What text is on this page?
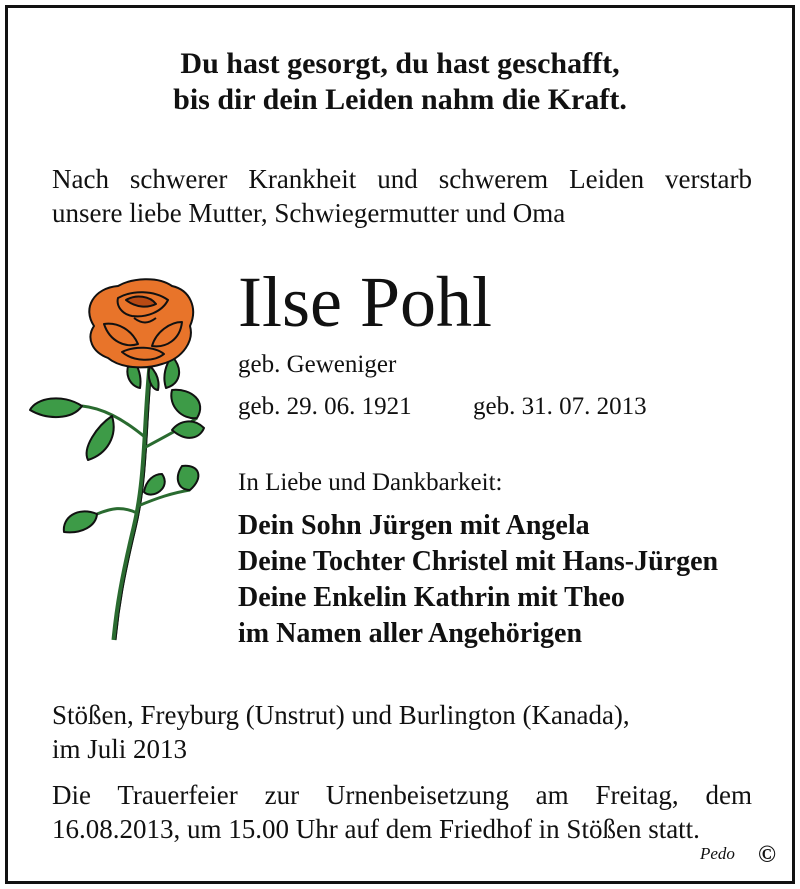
Du hast gesorgt, du hast geschafft,
bis dir dein Leiden nahm die Kraft.
Nach schwerer Krankheit und schwerem Leiden verstarb
unsere liebe Mutter, Schwiegermutter und Oma
Ilse Pohl
geb. Geweniger
geb. 29. 06. 1921 geb. 31. 07. 2013
In Liebe und Dankbarkeit:
Dein Sohn Jürgen mit Angela
Deine Tochter Christel mit Hans-Jürgen
Deine Enkelin Kathrin mit Theo
im Namen aller Angehörigen
Stößen, Freyburg (Unstrut) und Burlington (Kanada),
im Juli 2013
Die Trauerfeier zur Urnenbeisetzung am Freitag, dem
16.08.2013, um 15.00 Uhr auf dem Friedhof in Stößen statt.
Pedo ©
